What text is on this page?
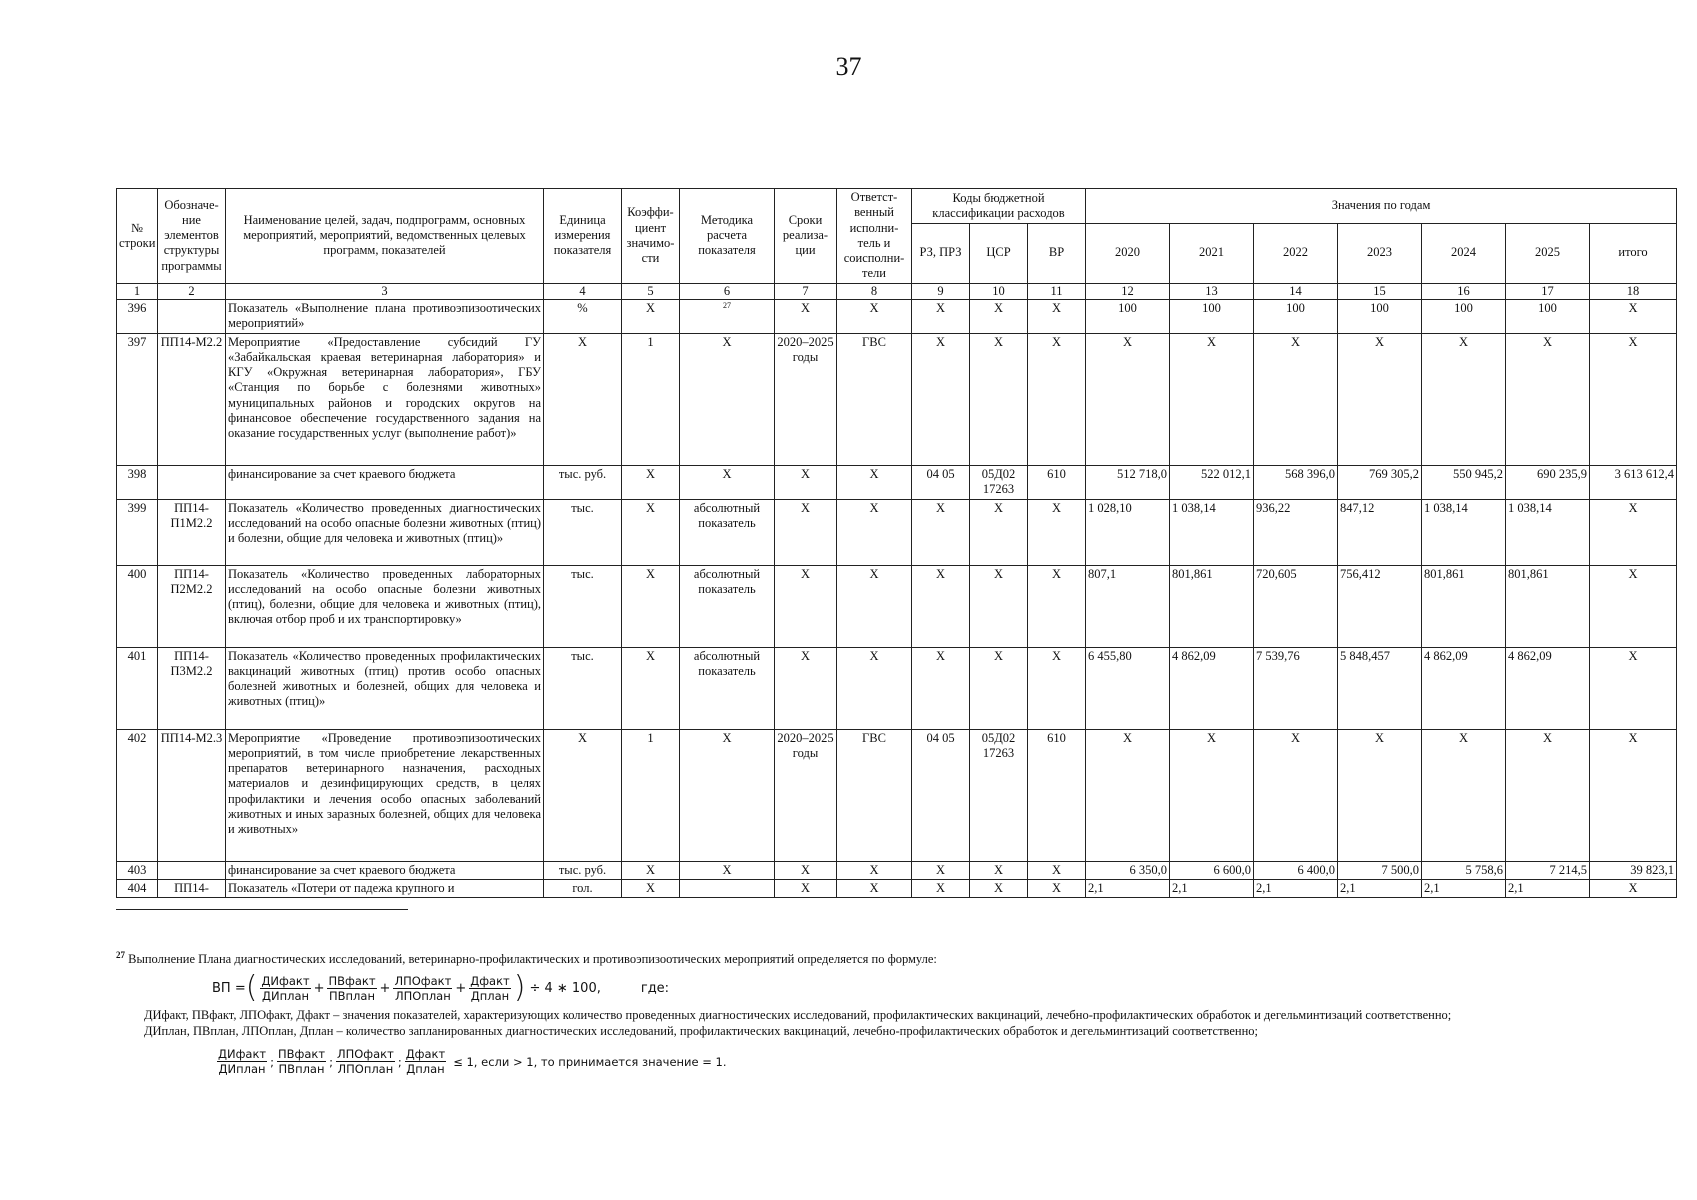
37
№ строки	Обозначе-ние элементов структуры программы	Наименование целей, задач, подпрограмм, основных мероприятий, мероприятий, ведомственных целевых программ, показателей	Единица измерения показателя	Коэффи-циент значимо-сти	Методика расчета показателя	Сроки реализа-ции	Ответст-венный исполни-тель и соисполни-тели	Коды бюджетной классификации расходов			Значения по годам						
								РЗ, ПРЗ	ЦСР	ВР	2020	2021	2022	2023	2024	2025	итого
1	2	3	4	5	6	7	8	9	10	11	12	13	14	15	16	17	18
396		Показатель «Выполнение плана противоэпизоотических мероприятий»	%	X	$^{27}$	X	X	X	X	X	100	100	100	100	100	100	X
397	ПП14-М2.2	Мероприятие «Предоставление субсидий ГУ «Забайкальская краевая ветеринарная лаборатория» и КГУ «Окружная ветеринарная лаборатория», ГБУ «Станция по борьбе с болезнями животных» муниципальных районов и городских округов на финансовое обеспечение государственного задания на оказание государственных услуг (выполнение работ)»	X	1	X	2020–2025 годы	ГВС	X	X	X	X	X	X	X	X	X	X
398		финансирование за счет краевого бюджета	тыс. руб.	X	X	X	X	04 05	05Д02 17263	610	512 718,0	522 012,1	568 396,0	769 305,2	550 945,2	690 235,9	3 613 612,4
399	ПП14-П1М2.2	Показатель «Количество проведенных диагностических исследований на особо опасные болезни животных (птиц) и болезни, общие для человека и животных (птиц)»	тыс.	X	абсолютный показатель	X	X	X	X	X	1 028,10	1 038,14	936,22	847,12	1 038,14	1 038,14	X
400	ПП14-П2М2.2	Показатель «Количество проведенных лабораторных исследований на особо опасные болезни животных (птиц), болезни, общие для человека и животных (птиц), включая отбор проб и их транспортировку»	тыс.	X	абсолютный показатель	X	X	X	X	X	807,1	801,861	720,605	756,412	801,861	801,861	X
401	ПП14-П3М2.2	Показатель «Количество проведенных профилактических вакцинаций животных (птиц) против особо опасных болезней животных и болезней, общих для человека и животных (птиц)»	тыс.	X	абсолютный показатель	X	X	X	X	X	6 455,80	4 862,09	7 539,76	5 848,457	4 862,09	4 862,09	X
402	ПП14-М2.3	Мероприятие «Проведение противоэпизоотических мероприятий, в том числе приобретение лекарственных препаратов ветеринарного назначения, расходных материалов и дезинфицирующих средств, в целях профилактики и лечения особо опасных заболеваний животных и иных заразных болезней, общих для человека и животных»	X	1	X	2020–2025 годы	ГВС	04 05	05Д02 17263	610	X	X	X	X	X	X	X
403		финансирование за счет краевого бюджета	тыс. руб.	X	X	X	X	X	X	X	6 350,0	6 600,0	6 400,0	7 500,0	5 758,6	7 214,5	39 823,1
404	ПП14-	Показатель «Потери от падежа крупного и	гол.	X		X	X	X	X	X	2,1	2,1	2,1	2,1	2,1	2,1	X
$^{27}$ Выполнение Плана диагностических исследований, ветеринарно-профилактических и противоэпизоотических мероприятий определяется по формуле:
ВП = ( $\frac{\text{ДИфакт}}{\text{ДИплан}} + \frac{\text{ПВфакт}}{\text{ПВплан}} + \frac{\text{ЛПОфакт}}{\text{ЛПОплан}} + \frac{\text{Дфакт}}{\text{Дплан}}$ ) ÷ 4 ∗ 100,	где:
ДИфакт, ПВфакт, ЛПОфакт, Дфакт – значения показателей, характеризующих количество проведенных диагностических исследований, профилактических вакцинаций, лечебно-профилактических обработок и дегельминтизаций соответственно;
ДИплан, ПВплан, ЛПОплан, Дплан – количество запланированных диагностических исследований, профилактических вакцинаций, лечебно-профилактических обработок и дегельминтизаций соответственно;
$\frac{\text{ДИфакт}}{\text{ДИплан}}$ ; $\frac{\text{ПВфакт}}{\text{ПВплан}}$ ; $\frac{\text{ЛПОфакт}}{\text{ЛПОплан}}$ ; $\frac{\text{Дфакт}}{\text{Дплан}} \le 1$, если > 1, то принимается значение = 1.
